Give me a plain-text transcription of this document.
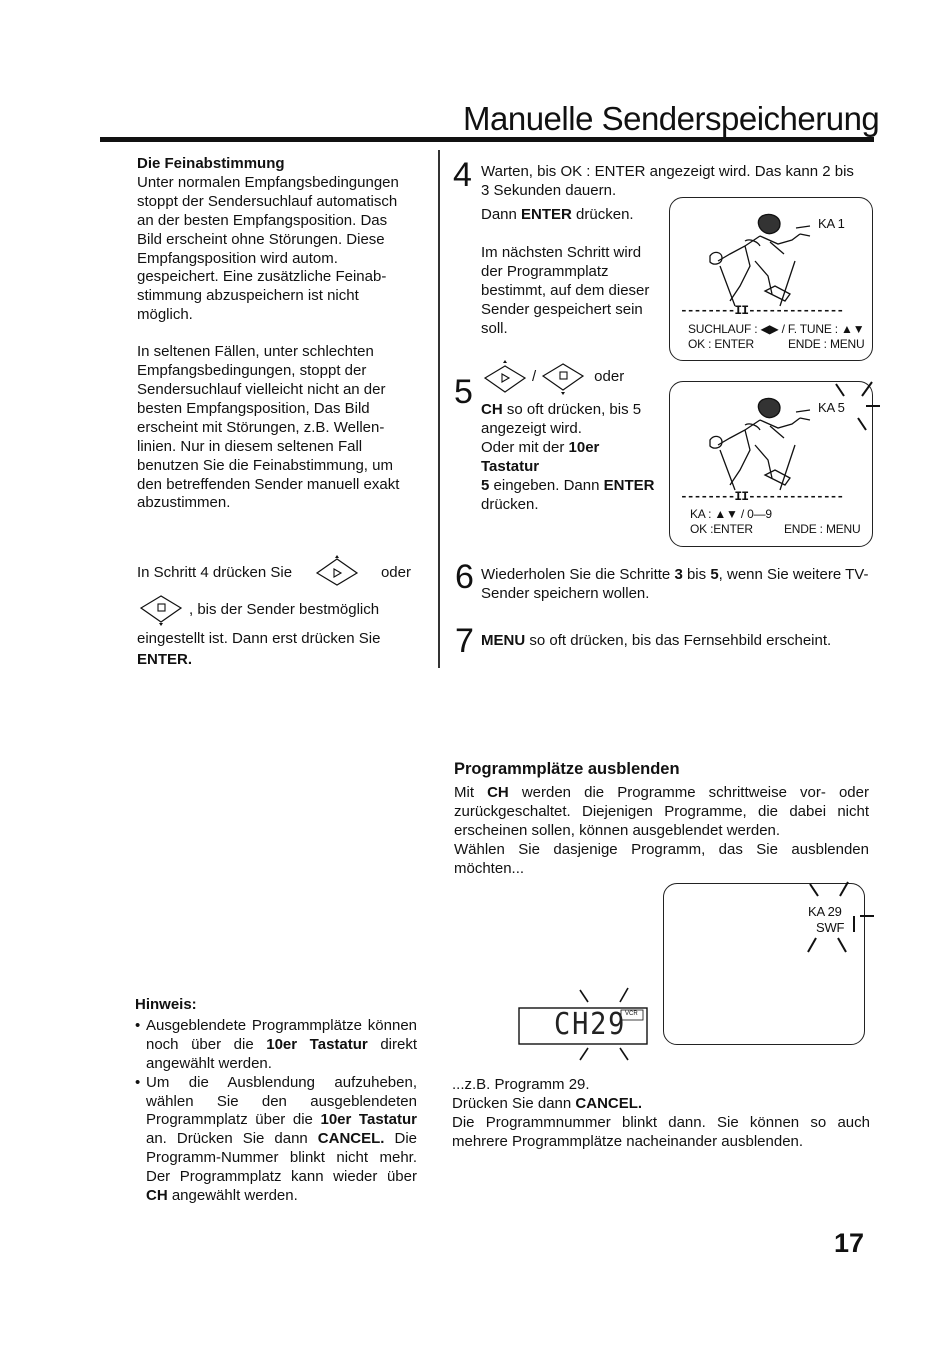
Manuelle Senderspeicherung

Die Feinabstimmung

Unter normalen Empfangsbedingungen stoppt der Sendersuchlauf automatisch an der besten Empfangsposition. Das Bild erscheint ohne Störungen. Diese Empfangsposition wird autom. gespeichert. Eine zusätzliche Feinabstimmung abzuspeichern ist nicht möglich.

In seltenen Fällen, unter schlechten Empfangsbedingungen, stoppt der Sendersuchlauf vielleicht nicht an der besten Empfangsposition, Das Bild erscheint mit Störungen, z.B. Wellenlinien. Nur in diesem seltenen Fall benutzen Sie die Feinabstimmung, um den betreffenden Sender manuell exakt abzustimmen.

In Schritt 4 drücken Sie	oder
, bis der Sender bestmöglich

eingestellt ist. Dann erst drücken Sie

ENTER.

4 Warten, bis OK : ENTER angezeigt wird. Das kann 2 bis 3 Sekunden dauern.
Dann ENTER drücken.
Im nächsten Schritt wird der Programmplatz bestimmt, auf dem dieser Sender gespeichert sein soll.
KA 1
--------II--------------
SUCHLAUF : ◀▶ / F. TUNE : ▲▼
OK : ENTER	ENDE : MENU
5	/	oder

CH so oft drücken, bis 5 angezeigt wird.

Oder mit der 10er Tastatur

5 eingeben. Dann ENTER

drücken.

KA 5
--------II--------------
KA : ▲▼ / 0—9
OK :ENTER	ENDE : MENU
6 Wiederholen Sie die Schritte 3 bis 5, wenn Sie weitere TV-Sender speichern wollen.
7 MENU so oft drücken, bis das Fernsehbild erscheint.
Programmplätze ausblenden

Mit CH werden die Programme schrittweise vor- oder zurückgeschaltet. Diejenigen Programme, die dabei nicht erscheinen sollen, können ausgeblendet werden.

Wählen Sie dasjenige Programm, das Sie ausblenden möchten...

KA 29
SWF
CH29
VCR

...z.B. Programm 29.

Drücken Sie dann CANCEL.

Die Programmnummer blinkt dann. Sie können so auch mehrere Programmplätze nacheinander ausblenden.

Hinweis:

• Ausgeblendete Programmplätze können noch über die 10er Tastatur direkt angewählt werden.

• Um die Ausblendung aufzuheben, wählen Sie den ausgeblendeten Programmplatz über die 10er Tastatur an. Drücken Sie dann CANCEL. Die Programm-Nummer blinkt nicht mehr. Der Programmplatz kann wieder über CH angewählt werden.

17
